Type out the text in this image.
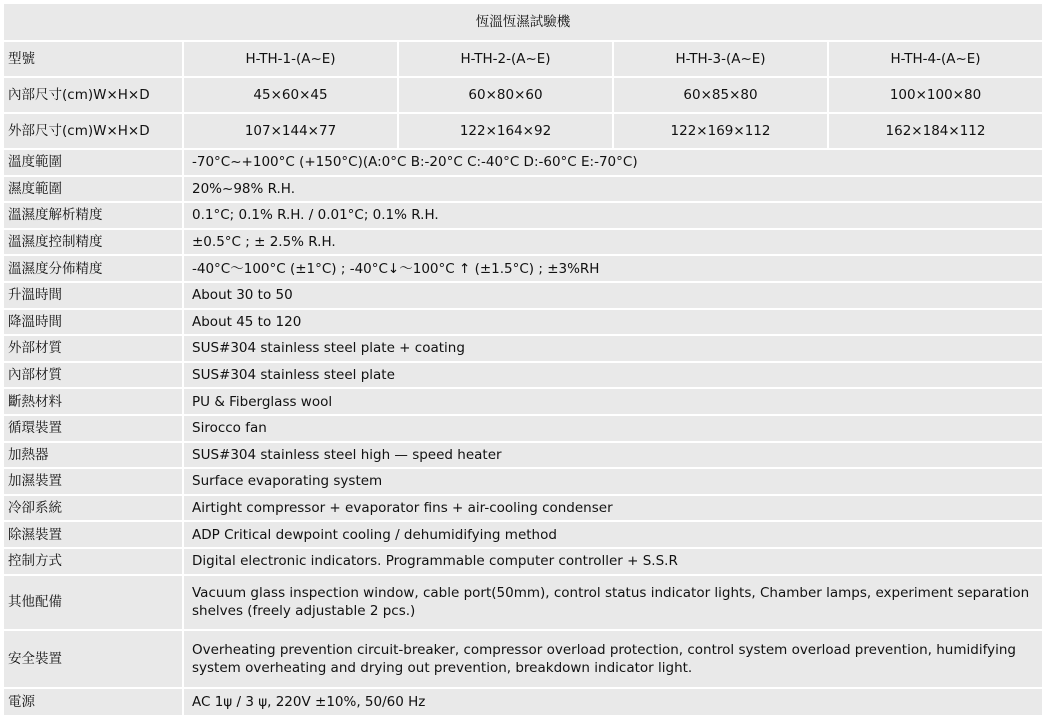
恆溫恆濕試驗機				
型號	H-TH-1-(A~E)	H-TH-2-(A~E)	H-TH-3-(A~E)	H-TH-4-(A~E)
內部尺寸(cm)W×H×D	45×60×45	60×80×60	60×85×80	100×100×80
外部尺寸(cm)W×H×D	107×144×77	122×164×92	122×169×112	162×184×112
溫度範圍	-70°C~+100°C (+150°C)(A:0°C B:-20°C C:-40°C D:-60°C E:-70°C)			
濕度範圍	20%~98% R.H.			
溫濕度解析精度	0.1°C; 0.1% R.H. / 0.01°C; 0.1% R.H.			
溫濕度控制精度	±0.5°C ; ± 2.5% R.H.			
溫濕度分佈精度	-40°C～100°C (±1°C) ; -40°C↓～100°C ↑ (±1.5°C) ; ±3%RH			
升溫時間	About 30 to 50			
降溫時間	About 45 to 120			
外部材質	SUS#304 stainless steel plate + coating			
內部材質	SUS#304 stainless steel plate			
斷熱材料	PU & Fiberglass wool			
循環裝置	Sirocco fan			
加熱器	SUS#304 stainless steel high — speed heater			
加濕裝置	Surface evaporating system			
冷卻系統	Airtight compressor + evaporator fins + air-cooling condenser			
除濕裝置	ADP Critical dewpoint cooling / dehumidifying method			
控制方式	Digital electronic indicators. Programmable computer controller + S.S.R			
其他配備	Vacuum glass inspection window, cable port(50mm), control status indicator lights, Chamber lamps, experiment separation shelves (freely adjustable 2 pcs.)			
安全裝置	Overheating prevention circuit-breaker, compressor overload protection, control system overload prevention, humidifying system overheating and drying out prevention, breakdown indicator light.			
電源	AC 1ψ / 3 ψ, 220V ±10%, 50/60 Hz			
